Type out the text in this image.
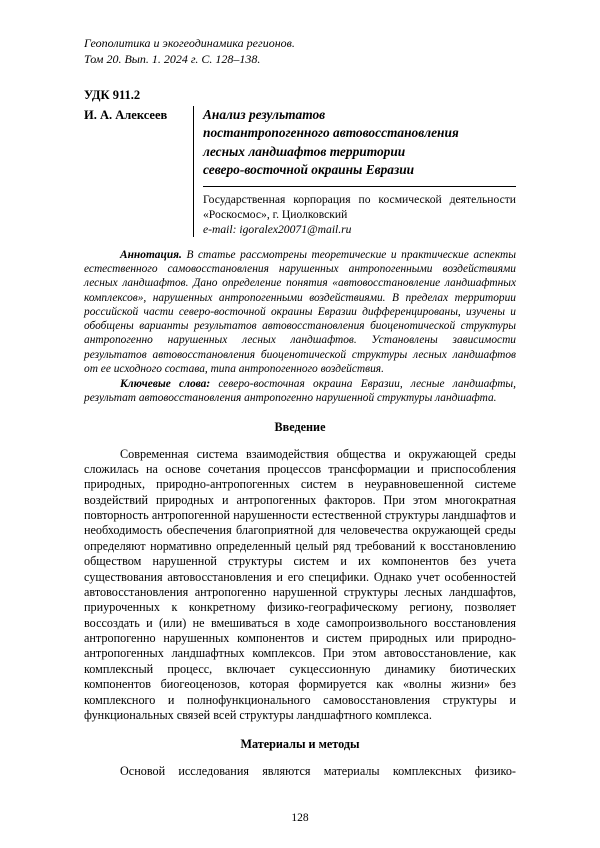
Геополитика и экогеодинамика регионов.
Том 20. Вып. 1. 2024 г. С. 128–138.
УДК 911.2
И. А. Алексеев	Анализ результатов
постантропогенного автовосстановления
лесных ландшафтов территории
северо-восточной окраины Евразии
Государственная корпорация по космической деятельности «Роскосмос», г. Циолковский
e-mail: igoralex20071@mail.ru

Аннотация. В статье рассмотрены теоретические и практические аспекты естественного самовосстановления нарушенных антропогенными воздействиями лесных ландшафтов. Дано определение понятия «автовосстановление ландшафтных комплексов», нарушенных антропогенными воздействиями. В пределах территории российской части северо-восточной окраины Евразии дифференцированы, изучены и обобщены варианты результатов автовосстановления биоценотической структуры антропогенно нарушенных лесных ландшафтов. Установлены зависимости результатов автовосстановления биоценотической структуры лесных ландшафтов от ее исходного состава, типа антропогенного воздействия.

Ключевые слова: северо-восточная окраина Евразии, лесные ландшафты, результат автовосстановления антропогенно нарушенной структуры ландшафта.

Введение

Современная система взаимодействия общества и окружающей среды сложилась на основе сочетания процессов трансформации и приспособления природных, природно-антропогенных систем в неуравновешенной системе воздействий природных и антропогенных факторов. При этом многократная повторность антропогенной нарушенности естественной структуры ландшафтов и необходимость обеспечения благоприятной для человечества окружающей среды определяют нормативно определенный целый ряд требований к восстановлению обществом нарушенной структуры систем и их компонентов без учета существования автовосстановления и его специфики. Однако учет особенностей автовосстановления антропогенно нарушенной структуры лесных ландшафтов, приуроченных к конкретному физико-географическому региону, позволяет воссоздать и (или) не вмешиваться в ходе самопроизвольного восстановления антропогенно нарушенных компонентов и систем природных или природно-антропогенных ландшафтных комплексов. При этом автовосстановление, как комплексный процесс, включает сукцессионную динамику биотических компонентов биогеоценозов, которая формируется как «волны жизни» без комплексного и полнофункционального самовосстановления структуры и функциональных связей всей структуры ландшафтного комплекса.

Материалы и методы

Основой исследования являются материалы комплексных физико-

128
